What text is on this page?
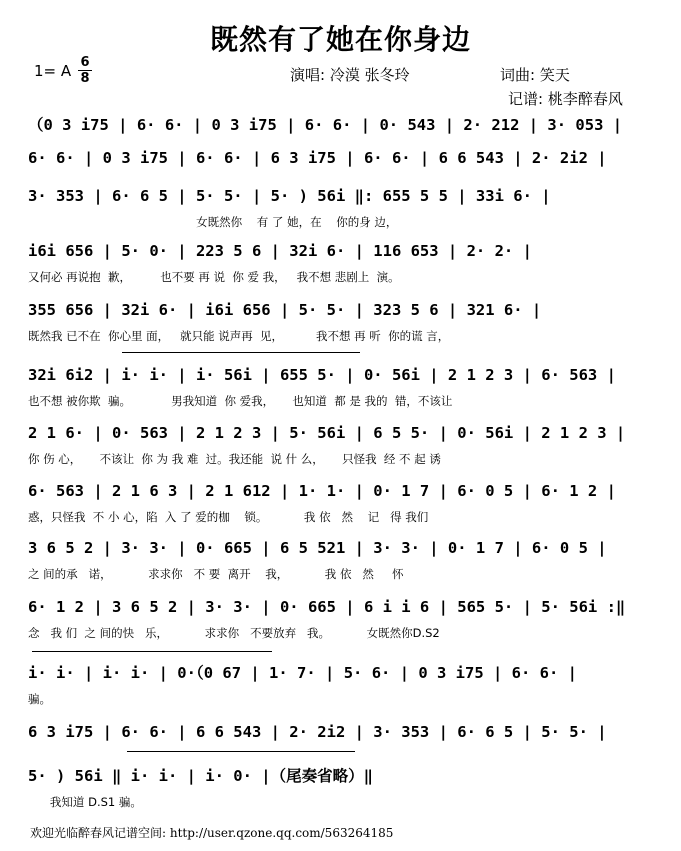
既然有了她在你身边
1= A 6
8	演唱: 冷漠 张冬玲	词曲: 笑天
记谱: 桃李醉春风
（0 3 i75 | 6· 6· | 0 3 i75 | 6· 6· | 0· 543 | 2· 212 | 3· 053 |
6· 6· | 0 3 i75 | 6· 6· | 6 3 i75 | 6· 6· | 6 6 543 | 2· 2i2 |
3· 353 | 6· 6 5 | 5· 5· | 5· ) 56i ‖: 655 5 5 | 33i 6· |
女既然你    有 了 她，在    你的身 边，
i6i 656 | 5· 0· | 223 5 6 | 32i 6· | 116 653 | 2· 2· |
又何必 再说抱  歉，        也不要 再 说  你 爱 我，   我不想 悲剧上  演。
355 656 | 32i 6· | i6i 656 | 5· 5· | 323 5 6 | 321 6· |
既然我 已不在  你心里 面，   就只能 说声再  见，         我不想 再 听  你的谎 言，
32i 6i2 | i· i· | i· 56i | 655 5· | 0· 56i | 2 1 2 3 | 6· 563 |
也不想 被你欺  骗。           男我知道  你 爱我，     也知道  都 是 我的  错，不该让
2 1 6· | 0· 563 | 2 1 2 3 | 5· 56i | 6 5 5· | 0· 56i | 2 1 2 3 |
你 伤 心，     不该让  你 为 我 难  过。我还能  说 什 么，     只怪我  经 不 起 诱
6· 563 | 2 1 6 3 | 2 1 612 | 1· 1· | 0· 1 7 | 6· 0 5 | 6· 1 2 |
惑，只怪我  不 小 心，陷  入 了 爱的枷    锁。          我 依   然    记   得 我们
3 6 5 2 | 3· 3· | 0· 665 | 6 5 521 | 3· 3· | 0· 1 7 | 6· 0 5 |
之 间的承   诺，          求求你   不 要  离开    我，          我 依   然     怀
6· 1 2 | 3 6 5 2 | 3· 3· | 0· 665 | 6 i i 6 | 565 5· | 5· 56i :‖
念   我 们  之 间的快   乐，          求求你   不要放弃   我。          女既然你D.S2
i· i· | i· i· | 0·（0 67 | 1· 7· | 5· 6· | 0 3 i75 | 6· 6· |
骗。
6 3 i75 | 6· 6· | 6 6 543 | 2· 2i2 | 3· 353 | 6· 6 5 | 5· 5· |
5· ) 56i ‖ i· i· | i· 0· |（尾奏省略）‖
我知道 D.S1 骗。
欢迎光临醉春风记谱空间: http://user.qzone.qq.com/563264185
